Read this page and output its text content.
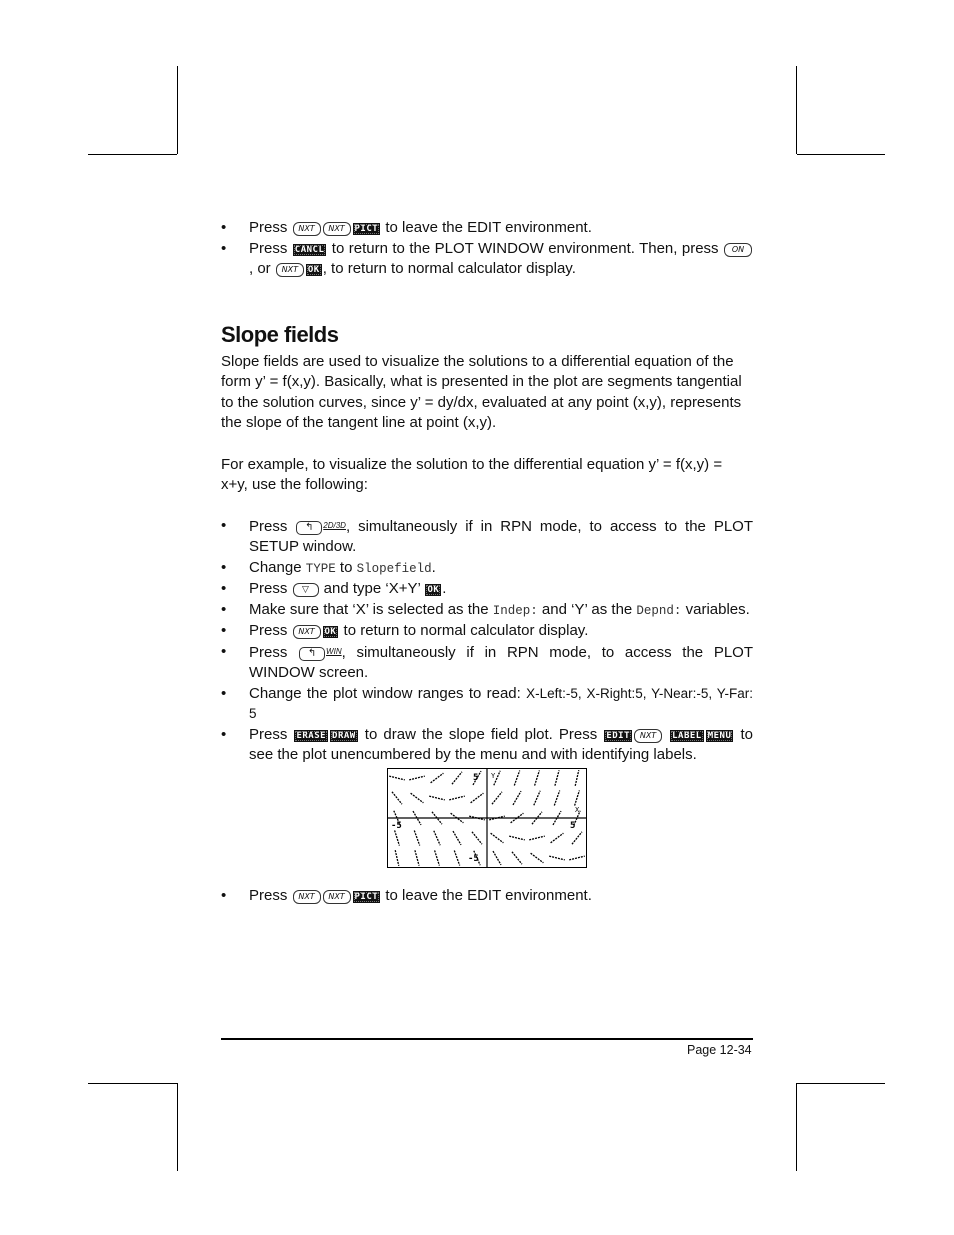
• Press NXT NXT PICT to leave the EDIT environment.
• Press CANCL to return to the PLOT WINDOW environment. Then, press ON , or NXT OK , to return to normal calculator display.
Slope fields

Slope fields are used to visualize the solutions to a differential equation of the form y’ = f(x,y). Basically, what is presented in the plot are segments tangential to the solution curves, since y’ = dy/dx, evaluated at any point (x,y), represents the slope of the tangent line at point (x,y).

For example, to visualize the solution to the differential equation y’ = f(x,y) = x+y, use the following:

• Press ↰ $^{2D/3D}$, simultaneously if in RPN mode, to access to the PLOT SETUP window.
• Change TYPE to Slopefield.
• Press ▽ and type ‘X+Y’ OK .
• Make sure that ‘X’ is selected as the Indep: and ‘Y’ as the Depnd: variables.
• Press NXT OK to return to normal calculator display.
• Press ↰ $^{WIN}$, simultaneously if in RPN mode, to access the PLOT WINDOW screen.
• Change the plot window ranges to read: X-Left:-5, X-Right:5, Y-Near:-5, Y-Far: 5
• Press ERASE DRAW to draw the slope field plot. Press EDIT NXT LABEL MENU to see the plot unencumbered by the menu and with identifying labels.
5 Y
-5	5
X
-5
• Press NXT NXT PICT to leave the EDIT environment.
Page 12-34
